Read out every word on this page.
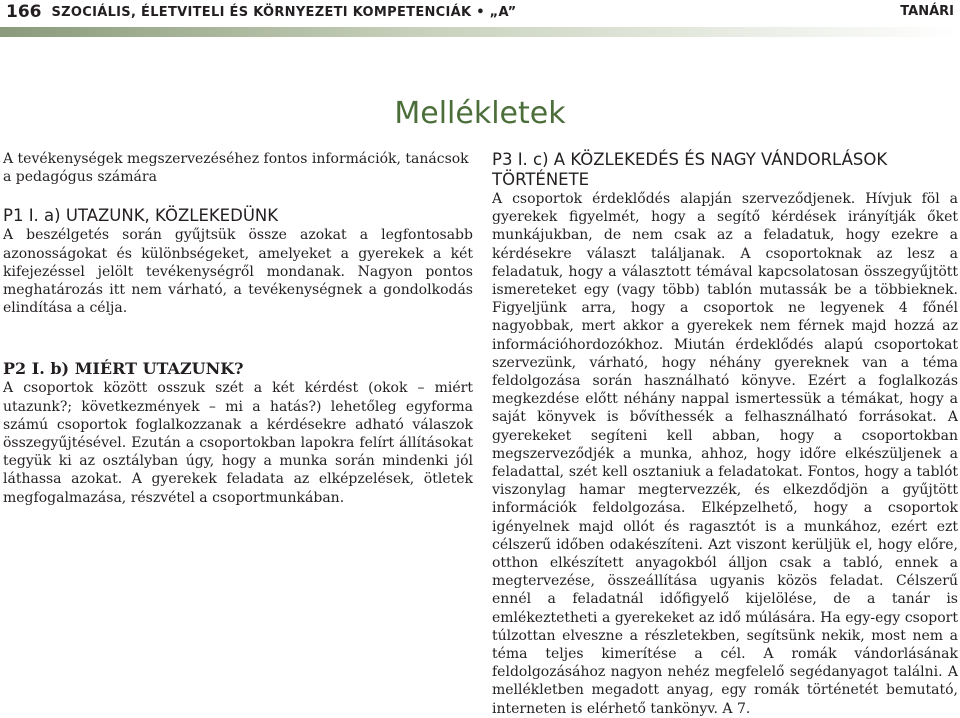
166 SZOCIÁLIS, ÉLETVITELI ÉS KÖRNYEZETI KOMPETENCIÁK • „A”	TANÁRI
Mellékletek

A tevékenységek megszervezéséhez fontos információk, tanácsok a pedagógus számára

P1 I. a) UTAZUNK, KÖZLEKEDÜNK

A beszélgetés során gyűjtsük össze azokat a legfontosabb azonosságokat és különbségeket, amelyeket a gyerekek a két kifejezéssel jelölt tevékenységről mondanak. Nagyon pontos meghatározás itt nem várható, a tevékenységnek a gondolkodás elindítása a célja.

P2 I. b) MIÉRT UTAZUNK?

A csoportok között osszuk szét a két kérdést (okok – miért utazunk?; következmények – mi a hatás?) lehetőleg egyforma számú csoportok foglalkozzanak a kérdésekre adható válaszok összegyűjtésével. Ezután a csoportokban lapokra felírt állításokat tegyük ki az osztályban úgy, hogy a munka során mindenki jól láthassa azokat. A gyerekek feladata az elképzelések, ötletek megfogalmazása, részvétel a csoportmunkában.

P3 I. c) A KÖZLEKEDÉS ÉS NAGY VÁNDORLÁSOK TÖRTÉNETE

A csoportok érdeklődés alapján szerveződjenek. Hívjuk föl a gyerekek figyelmét, hogy a segítő kérdések irányítják őket munkájukban, de nem csak az a feladatuk, hogy ezekre a kérdésekre választ találjanak. A csoportoknak az lesz a feladatuk, hogy a választott témával kapcsolatosan összegyűjtött ismereteket egy (vagy több) tablón mutassák be a többieknek. Figyeljünk arra, hogy a csoportok ne legyenek 4 főnél nagyobbak, mert akkor a gyerekek nem férnek majd hozzá az információhordozókhoz. Miután érdeklődés alapú csoportokat szervezünk, várható, hogy néhány gyereknek van a téma feldolgozása során használható könyve. Ezért a foglalkozás megkezdése előtt néhány nappal ismertessük a témákat, hogy a saját könyvek is bővíthessék a felhasználható forrásokat. A gyerekeket segíteni kell abban, hogy a csoportokban megszerveződjék a munka, ahhoz, hogy időre elkészüljenek a feladattal, szét kell osztaniuk a feladatokat. Fontos, hogy a tablót viszonylag hamar megtervezzék, és elkezdődjön a gyűjtött információk feldolgozása. Elképzelhető, hogy a csoportok igényelnek majd ollót és ragasztót is a munkához, ezért ezt célszerű időben odakészíteni. Azt viszont kerüljük el, hogy előre, otthon elkészített anyagokból álljon csak a tabló, ennek a megtervezése, összeállítása ugyanis közös feladat. Célszerű ennél a feladatnál időfigyelő kijelölése, de a tanár is emlékeztetheti a gyerekeket az idő múlására. Ha egy-egy csoport túlzottan elveszne a részletekben, segítsünk nekik, most nem a téma teljes kimerítése a cél. A romák vándorlásának feldolgozásához nagyon nehéz megfelelő segédanyagot találni. A mellékletben megadott anyag, egy romák történetét bemutató, interneten is elérhető tankönyv. A 7.
